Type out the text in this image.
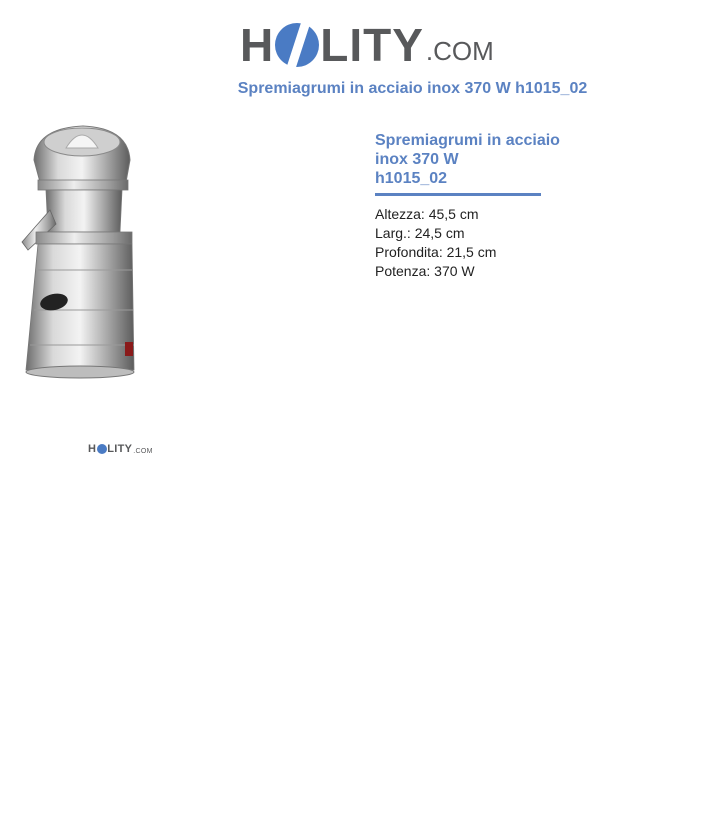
H LITY .COM
Spremiagrumi in acciaio inox 370 W h1015_02
H LITY .COM
Spremiagrumi in acciaio
inox 370 W
h1015_02
Altezza: 45,5 cm
Larg.: 24,5 cm
Profondita: 21,5 cm
Potenza: 370 W
